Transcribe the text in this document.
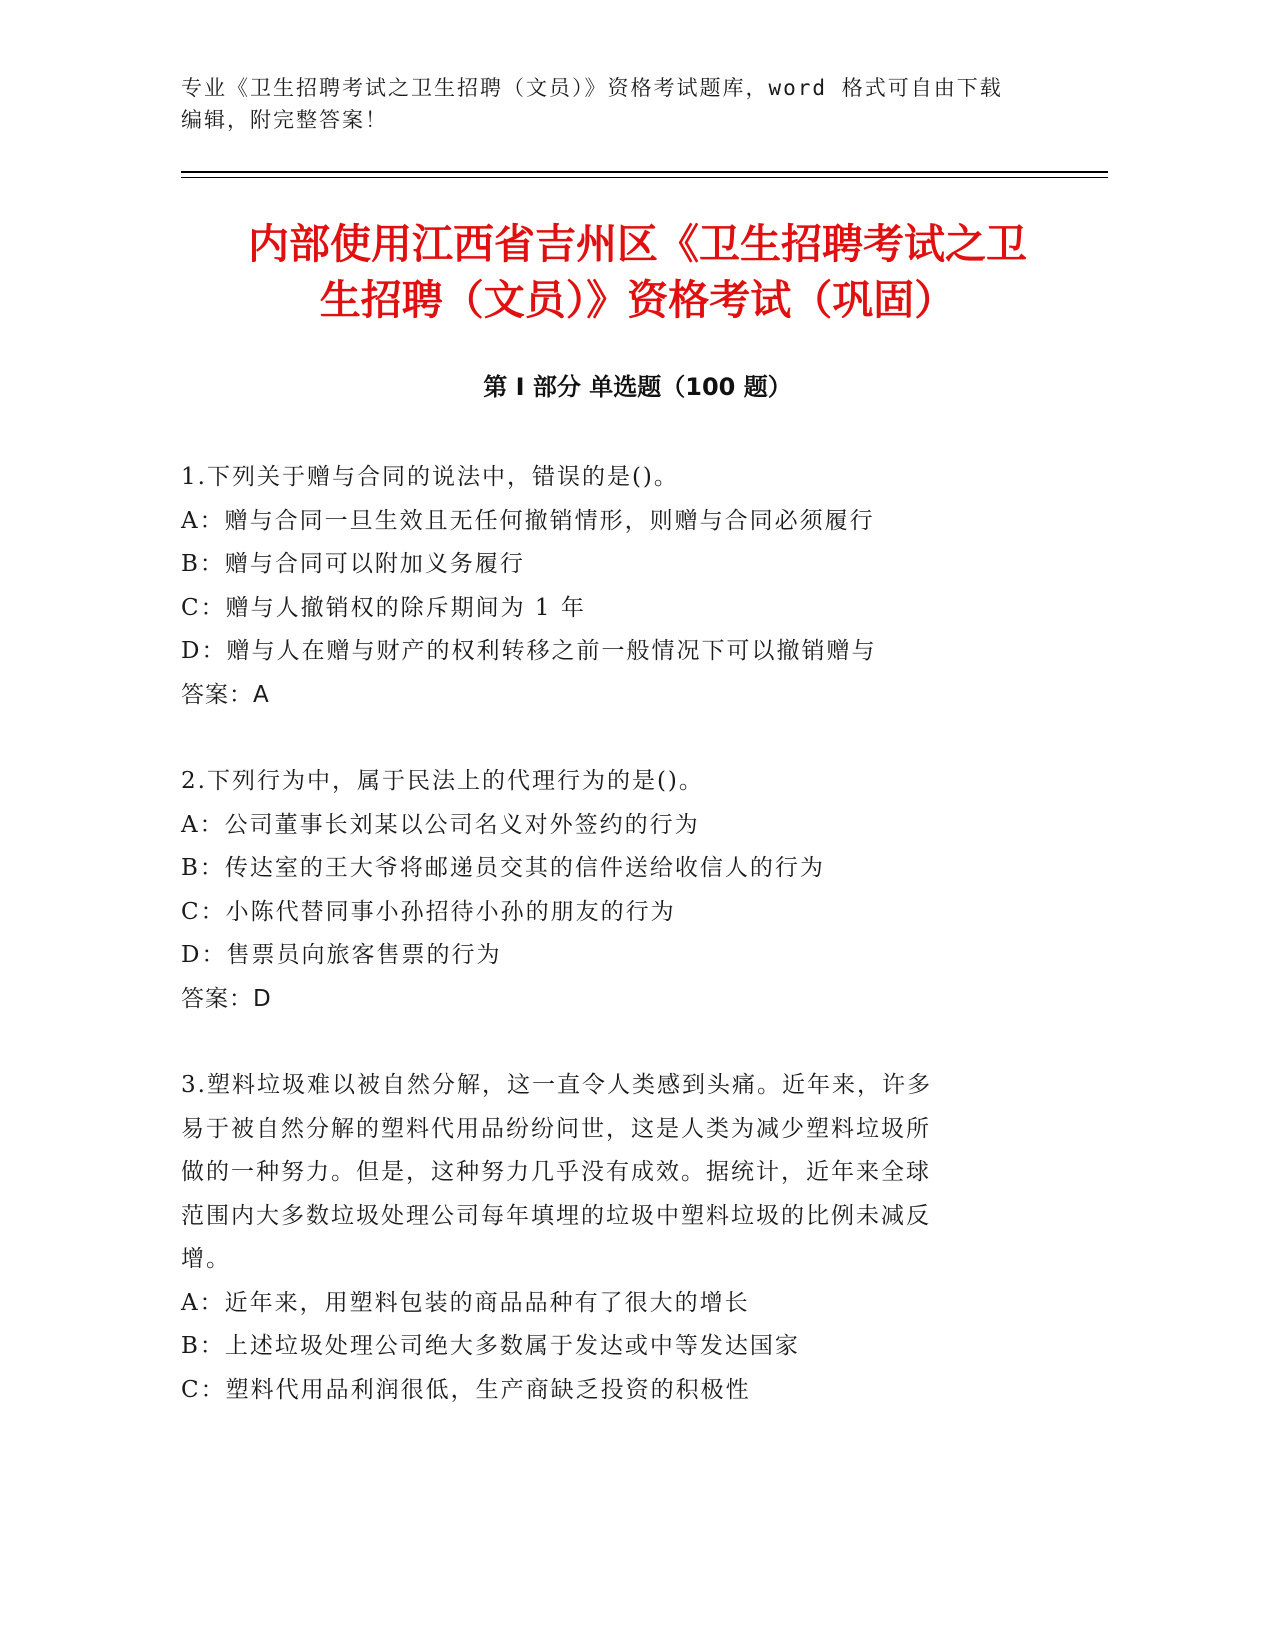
专业《卫生招聘考试之卫生招聘（文员）》资格考试题库，word 格式可自由下载
编辑，附完整答案！
内部使用江西省吉州区《卫生招聘考试之卫
生招聘（文员）》资格考试（巩固）
第 I 部分 单选题（100 题）
1.下列关于赠与合同的说法中，错误的是()。
A：赠与合同一旦生效且无任何撤销情形，则赠与合同必须履行
B：赠与合同可以附加义务履行
C：赠与人撤销权的除斥期间为 1 年
D：赠与人在赠与财产的权利转移之前一般情况下可以撤销赠与
答案：A
2.下列行为中，属于民法上的代理行为的是()。
A：公司董事长刘某以公司名义对外签约的行为
B：传达室的王大爷将邮递员交其的信件送给收信人的行为
C：小陈代替同事小孙招待小孙的朋友的行为
D：售票员向旅客售票的行为
答案：D
3.塑料垃圾难以被自然分解，这一直令人类感到头痛。近年来，许多
易于被自然分解的塑料代用品纷纷问世，这是人类为减少塑料垃圾所
做的一种努力。但是，这种努力几乎没有成效。据统计，近年来全球
范围内大多数垃圾处理公司每年填埋的垃圾中塑料垃圾的比例未减反
增。
A：近年来，用塑料包装的商品品种有了很大的增长
B：上述垃圾处理公司绝大多数属于发达或中等发达国家
C：塑料代用品利润很低，生产商缺乏投资的积极性
